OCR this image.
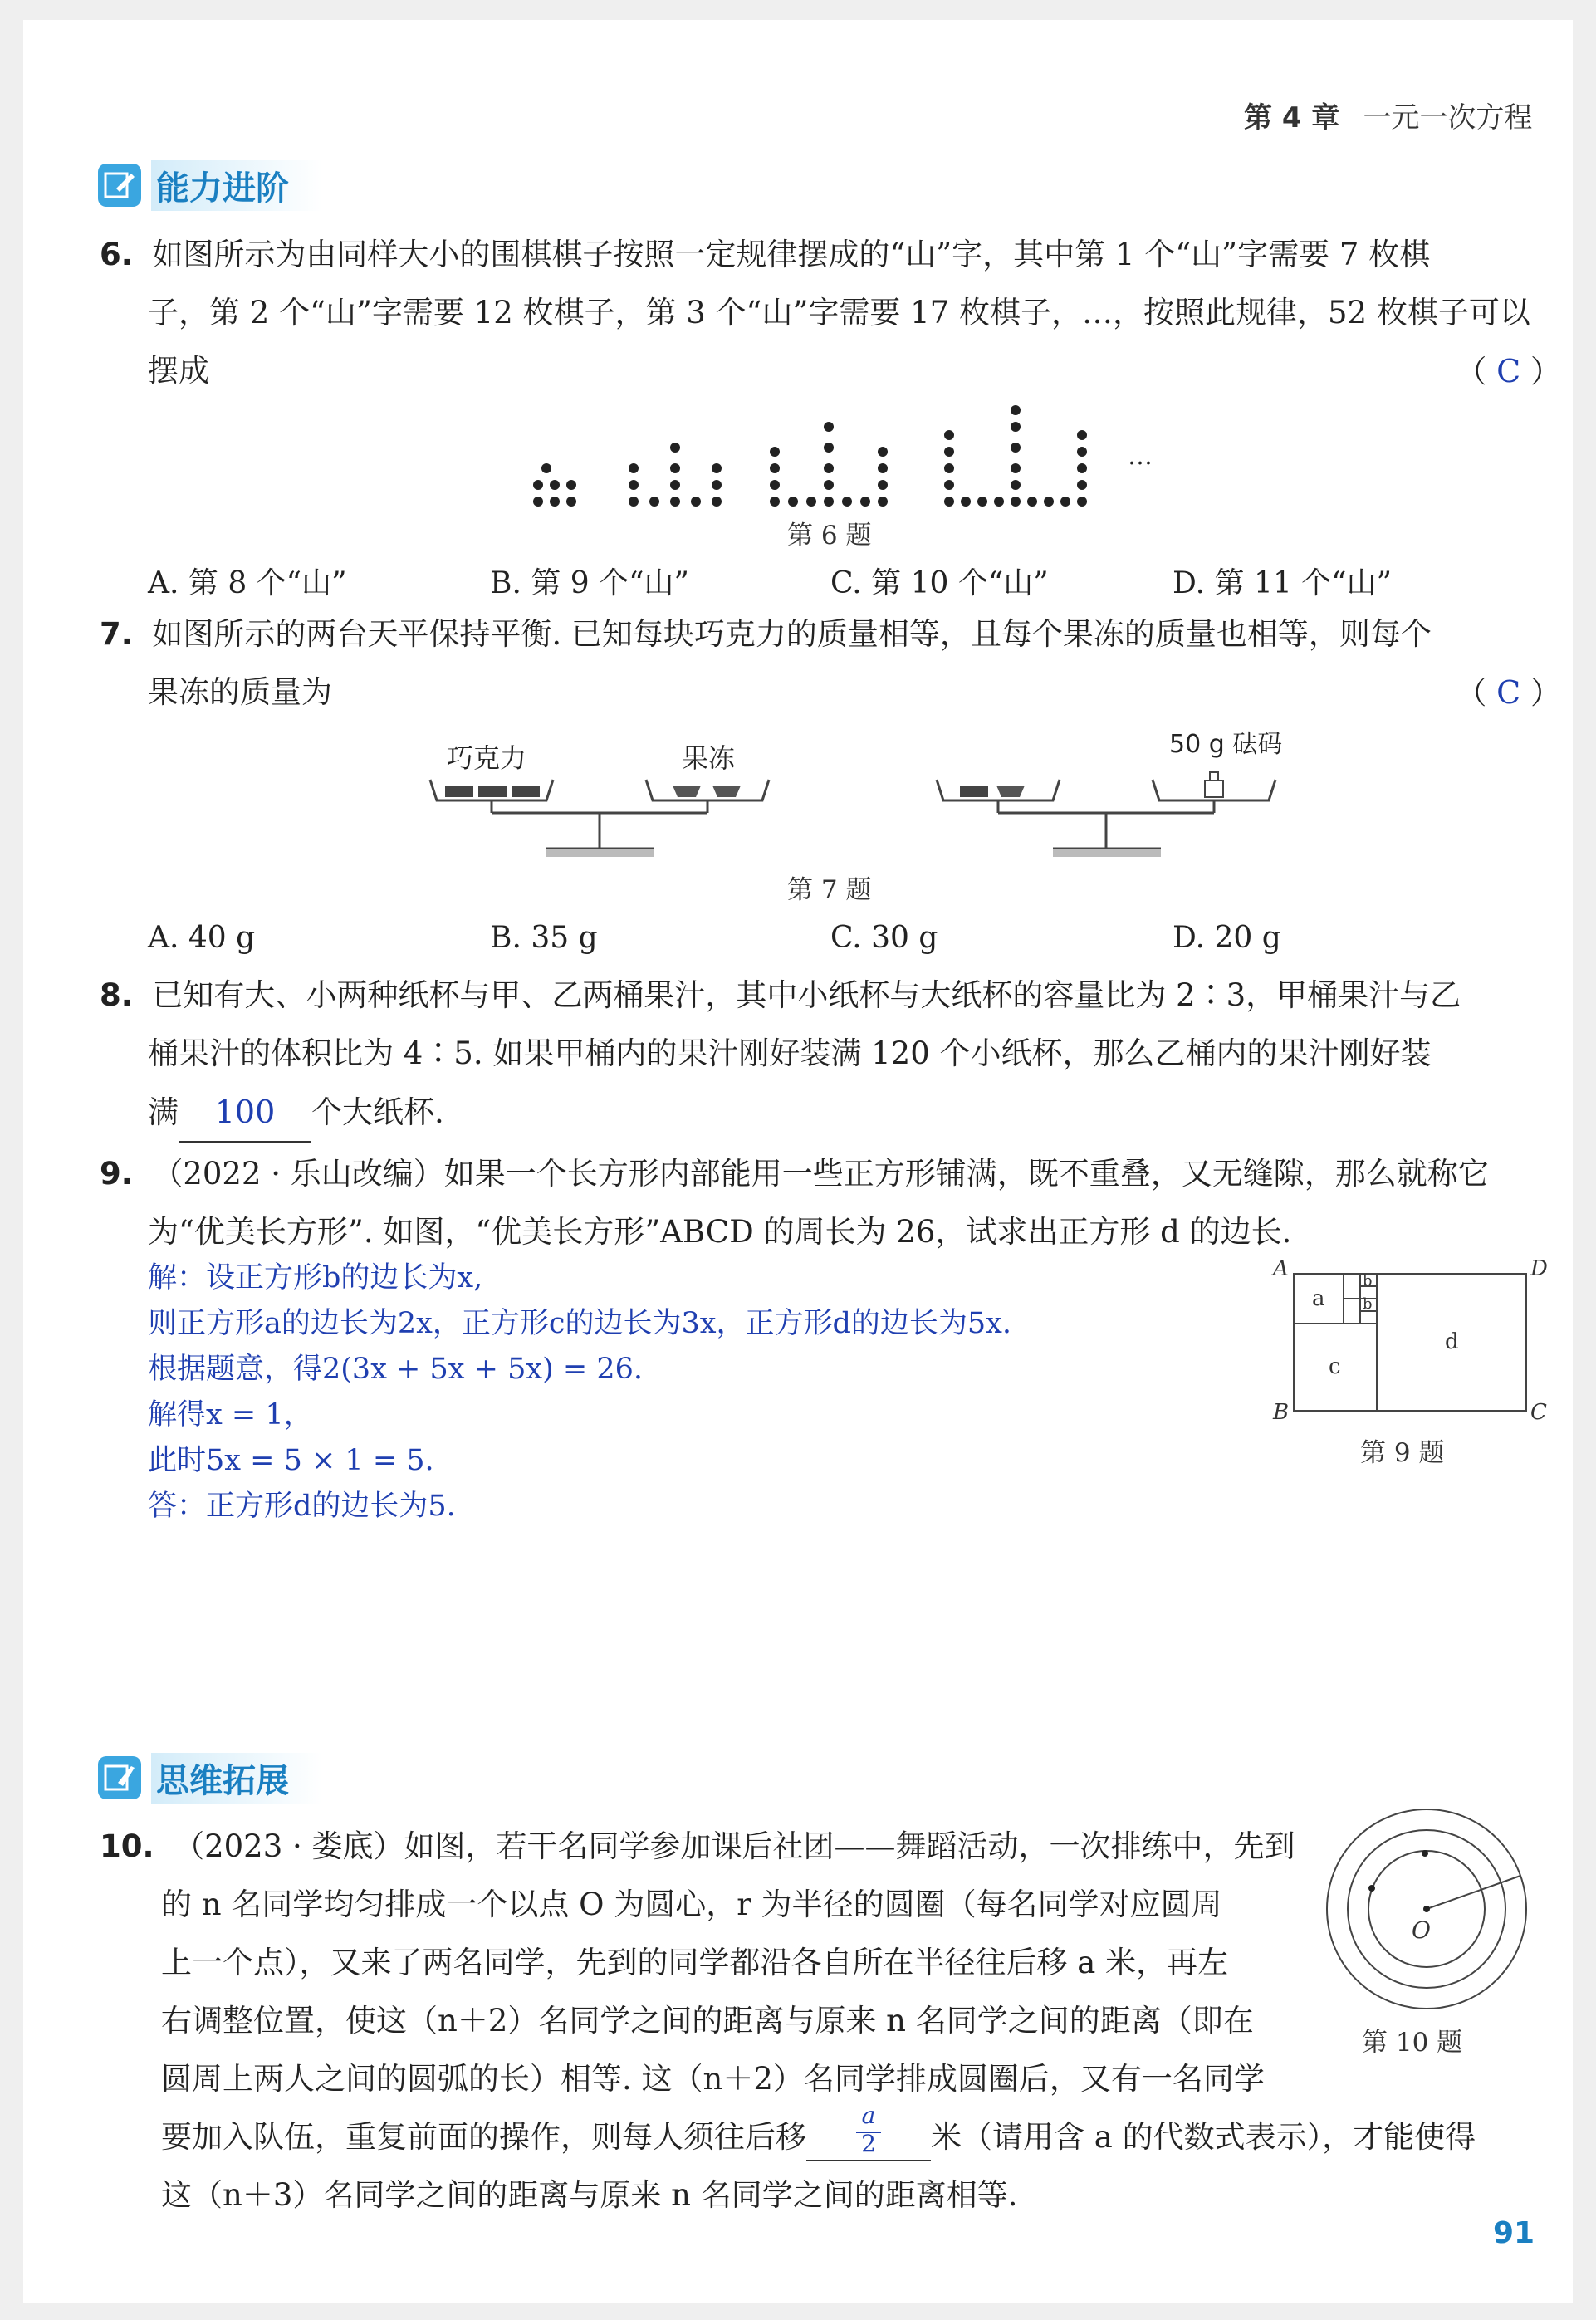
第 4 章 一元一次方程
能力进阶
6. 如图所示为由同样大小的围棋棋子按照一定规律摆成的“山”字，其中第 1 个“山”字需要 7 枚棋
子，第 2 个“山”字需要 12 枚棋子，第 3 个“山”字需要 17 枚棋子，…，按照此规律，52 枚棋子可以
摆成	（ C ）
…
第 6 题
A. 第 8 个“山”	B. 第 9 个“山”	C. 第 10 个“山”	D. 第 11 个“山”
7. 如图所示的两台天平保持平衡. 已知每块巧克力的质量相等，且每个果冻的质量也相等，则每个
果冻的质量为	（ C ）
巧克力	果冻	50 g 砝码
第 7 题
A. 40 g	B. 35 g	C. 30 g	D. 20 g
8. 已知有大、小两种纸杯与甲、乙两桶果汁，其中小纸杯与大纸杯的容量比为 2∶3，甲桶果汁与乙
桶果汁的体积比为 4∶5. 如果甲桶内的果汁刚好装满 120 个小纸杯，那么乙桶内的果汁刚好装
满 100 个大纸杯.
9. （2022 · 乐山改编）如果一个长方形内部能用一些正方形铺满，既不重叠，又无缝隙，那么就称它
为“优美长方形”. 如图，“优美长方形”ABCD 的周长为 26，试求出正方形 d 的边长.
解：设正方形b的边长为x,
则正方形a的边长为2x，正方形c的边长为3x，正方形d的边长为5x.
根据题意，得2(3x + 5x + 5x) = 26.
解得x = 1，
此时5x = 5 × 1 = 5.
答：正方形d的边长为5.
A	D
B	C
a
b
b
c
d
第 9 题
思维拓展
10. （2023 · 娄底）如图，若干名同学参加课后社团——舞蹈活动，一次排练中，先到
的 n 名同学均匀排成一个以点 O 为圆心，r 为半径的圆圈（每名同学对应圆周
上一个点），又来了两名同学，先到的同学都沿各自所在半径往后移 a 米，再左
右调整位置，使这（n＋2）名同学之间的距离与原来 n 名同学之间的距离（即在
圆周上两人之间的圆弧的长）相等. 这（n＋2）名同学排成圆圈后，又有一名同学
要加入队伍，重复前面的操作，则每人须往后移 $\frac{a}{2}$ 米（请用含 a 的代数式表示），才能使得
这（n＋3）名同学之间的距离与原来 n 名同学之间的距离相等.
O
第 10 题
91
